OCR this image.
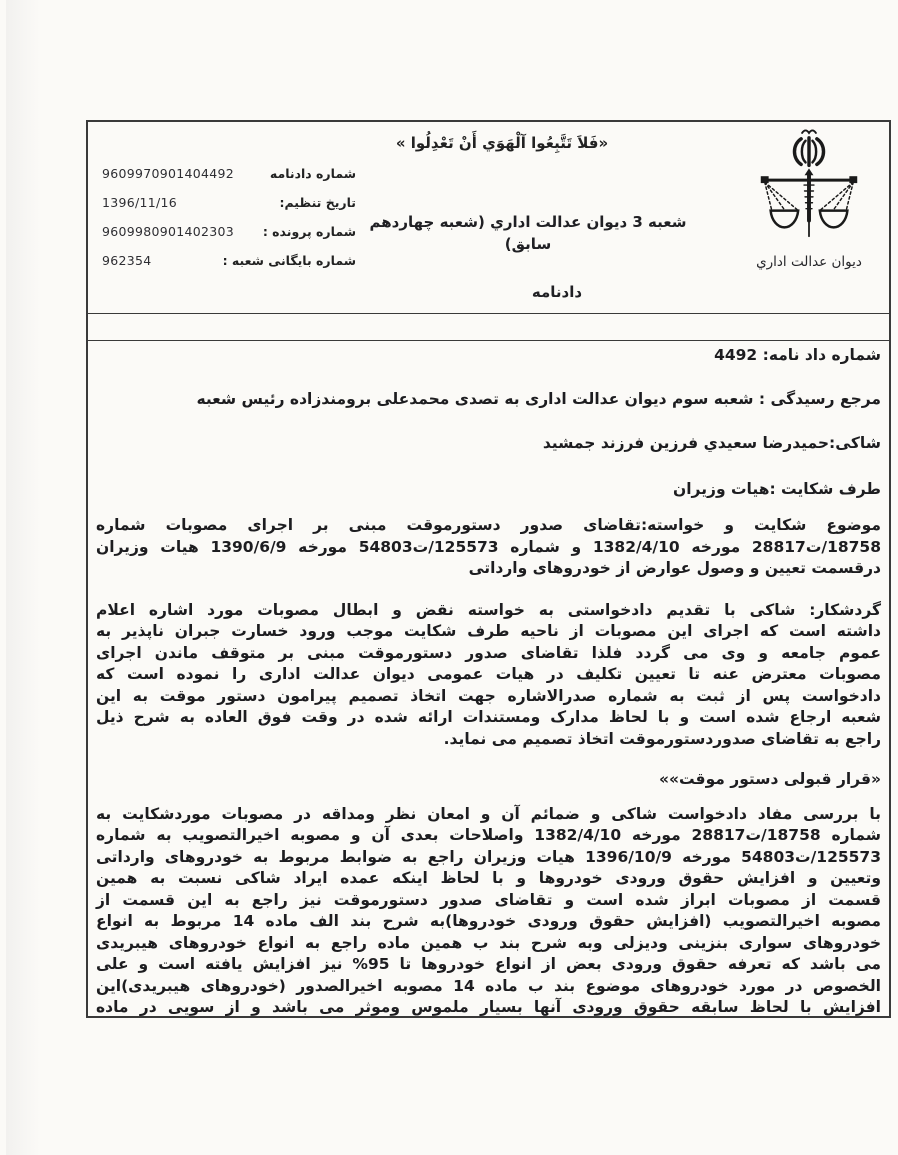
«فَلاَ تَتَّبِعُوا آلْهَوَي أَنْ تَعْدِلُوا »
9609970901404492	شماره دادنامه
1396/11/16	تاریخ تنظیم:
9609980901402303 شماره پرونده :
962354	شماره بایگانی شعبه :
شعبه 3 دیوان عدالت اداري (شعبه چهاردهم
سابق)
دادنامه
دیوان عدالت اداري

شماره داد نامه: 4492

مرجع رسیدگی : شعبه سوم دیوان عدالت اداری به تصدی محمدعلی برومندزاده رئیس شعبه

شاکی:حمیدرضا سعیدي فرزین فرزند جمشید

طرف شکایت :هیات وزیران

موضوع شکایت و خواسته:تقاضای صدور دستورموقت مبنی بر اجرای مصوبات شماره
18758/ت28817 مورخه 1382/4/10 و شماره 125573/ت54803 مورخه 1390/6/9 هیات وزیران
درقسمت تعیین و وصول عوارض از خودروهای وارداتی
گردشکار: شاکی با تقدیم دادخواستی به خواسته نقض و ابطال مصوبات مورد اشاره اعلام
داشته است که اجرای این مصوبات از ناحیه طرف شکایت موجب ورود خسارت جبران ناپذیر به
عموم جامعه و وی می گردد فلذا تقاضای صدور دستورموقت مبنی بر متوقف ماندن اجرای
مصوبات معترض عنه تا تعیین تکلیف در هیات عمومی دیوان عدالت اداری را نموده است که
دادخواست پس از ثبت به شماره صدرالاشاره جهت اتخاذ تصمیم پیرامون دستور موقت به این
شعبه ارجاع شده است و با لحاظ مدارک ومستندات ارائه شده در وقت فوق العاده به شرح ذیل
راجع به تقاضای صدوردستورموقت اتخاذ تصمیم می نماید.

«قرار قبولی دستور موقت»»

با بررسی مفاد دادخواست شاکی و ضمائم آن و امعان نظر ومداقه در مصوبات موردشکایت به
شماره 18758/ت28817 مورخه 1382/4/10 واصلاحات بعدی آن و مصوبه اخیرالتصویب به شماره
125573/ت54803 مورخه 1396/10/9 هیات وزیران راجع به ضوابط مربوط به خودروهای وارداتی
وتعیین و افزایش حقوق ورودی خودروها و با لحاظ اینکه عمده ایراد شاکی نسبت به همین
قسمت از مصوبات ابراز شده است و تقاضای صدور دستورموقت نیز راجع به این قسمت از
مصوبه اخیرالتصویب (افزایش حقوق ورودی خودروها)به شرح بند الف ماده 14 مربوط به انواع
خودروهای سواری بنزینی ودیزلی وبه شرح بند ب همین ماده راجع به انواع خودروهای هیبریدی
می باشد که تعرفه حقوق ورودی بعض از انواع خودروها تا 95% نیز افزایش یافته است و علی
الخصوص در مورد خودروهای موضوع بند ب ماده 14 مصوبه اخیرالصدور (خودروهای هیبریدی)این
افزایش با لحاظ سابقه حقوق ورودی آنها بسیار ملموس وموثر می باشد و از سویی در ماده
